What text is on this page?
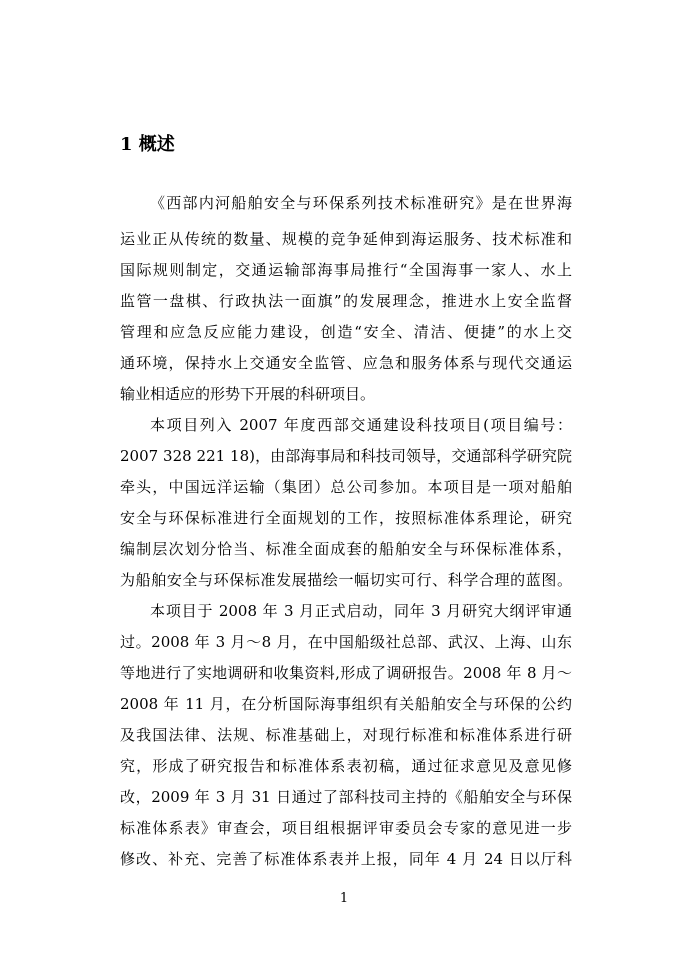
1 概述
《西部内河船舶安全与环保系列技术标准研究》是在世界海
运业正从传统的数量、规模的竞争延伸到海运服务、技术标准和
国际规则制定，交通运输部海事局推行“全国海事一家人、水上
监管一盘棋、行政执法一面旗”的发展理念，推进水上安全监督
管理和应急反应能力建设，创造“安全、清洁、便捷”的水上交
通环境，保持水上交通安全监管、应急和服务体系与现代交通运
输业相适应的形势下开展的科研项目。
本项目列入 2007 年度西部交通建设科技项目(项目编号：
2007 328 221 18)，由部海事局和科技司领导，交通部科学研究院
牵头，中国远洋运输（集团）总公司参加。本项目是一项对船舶
安全与环保标准进行全面规划的工作，按照标准体系理论，研究
编制层次划分恰当、标准全面成套的船舶安全与环保标准体系，
为船舶安全与环保标准发展描绘一幅切实可行、科学合理的蓝图。
本项目于 2008 年 3 月正式启动，同年 3 月研究大纲评审通
过。2008 年 3 月～8 月，在中国船级社总部、武汉、上海、山东
等地进行了实地调研和收集资料,形成了调研报告。2008 年 8 月～
2008 年 11 月，在分析国际海事组织有关船舶安全与环保的公约
及我国法律、法规、标准基础上，对现行标准和标准体系进行研
究，形成了研究报告和标准体系表初稿，通过征求意见及意见修
改，2009 年 3 月 31 日通过了部科技司主持的《船舶安全与环保
标准体系表》审查会，项目组根据评审委员会专家的意见进一步
修改、补充、完善了标准体系表并上报，同年 4 月 24 日以厅科
1
